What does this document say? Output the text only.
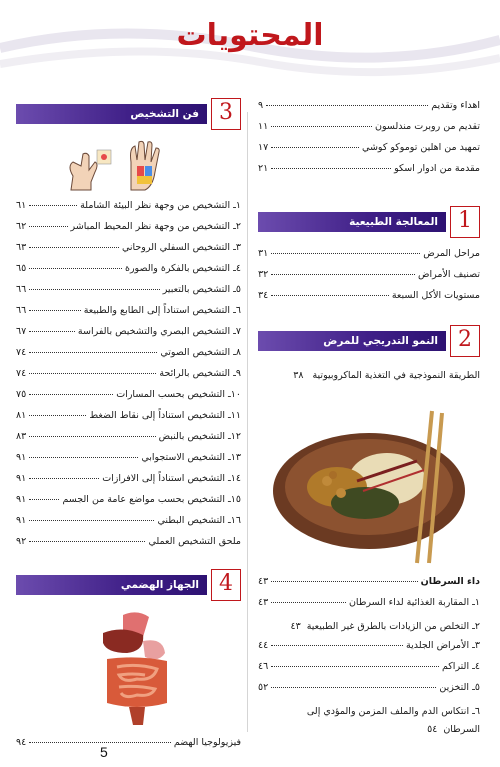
المحتويات
اهداء وتقديم
٩
تقديم من روبرت مندلسون
١١
تمهيد من اهلين توموكو كوشي
١٧
مقدمة من ادوار اسكو
٢١
1
المعالجة الطبيعية
مراحل المرض
٣١
تصنيف الأمراض
٣٢
مستويات الأكل السبعة
٣٤
2
النمو التدريجي للمرض
الطريقة النموذجية في التغذية الماكروبيوتية ٣٨
داء السرطان
٤٣
١ـ المقاربة الغذائية لداء السرطان
٤٣
٢ـ التخلص من الزيادات بالطرق غير الطبيعية٤٣
٣ـ الأمراض الجلدية
٤٤
٤ـ التراكم
٤٦
٥ـ التخزين
٥٢
٦ـ انتكاس الدم والملف المزمن والمؤدي إلى السرطان٥٤
3
فن التشخيص
١ـ التشخيص من وجهة نظر البيئة الشاملة
٦١
٢ـ التشخيص من وجهة نظر المحيط المباشر
٦٢
٣ـ التشخيص السفلي الروحاني
٦٣
٤ـ التشخيص بالفكرة والصورة
٦٥
٥ـ التشخيص بالتعبير
٦٦
٦ـ التشخيص استناداً إلى الطابع والطبيعة
٦٦
٧ـ التشخيص البصري والتشخيص بالفراسة
٦٧
٨ـ التشخيص الصوتي
٧٤
٩ـ التشخيص بالرائحة
٧٤
١٠ـ التشخيص بحسب المسارات
٧٥
١١ـ التشخيص استناداً إلى نقاط الضغط
٨١
١٢ـ التشخيص بالنبض
٨٣
١٣ـ التشخيص الاستجوابي
٩١
١٤ـ التشخيص استناداً إلى الافرازات
٩١
١٥ـ التشخيص بحسب مواضع عامة من الجسم
٩١
١٦ـ التشخيص البطني
٩١
ملحق التشخيص العملي
٩٢
4
الجهاز الهضمي
فيزيولوجيا الهضم
٩٤
5
